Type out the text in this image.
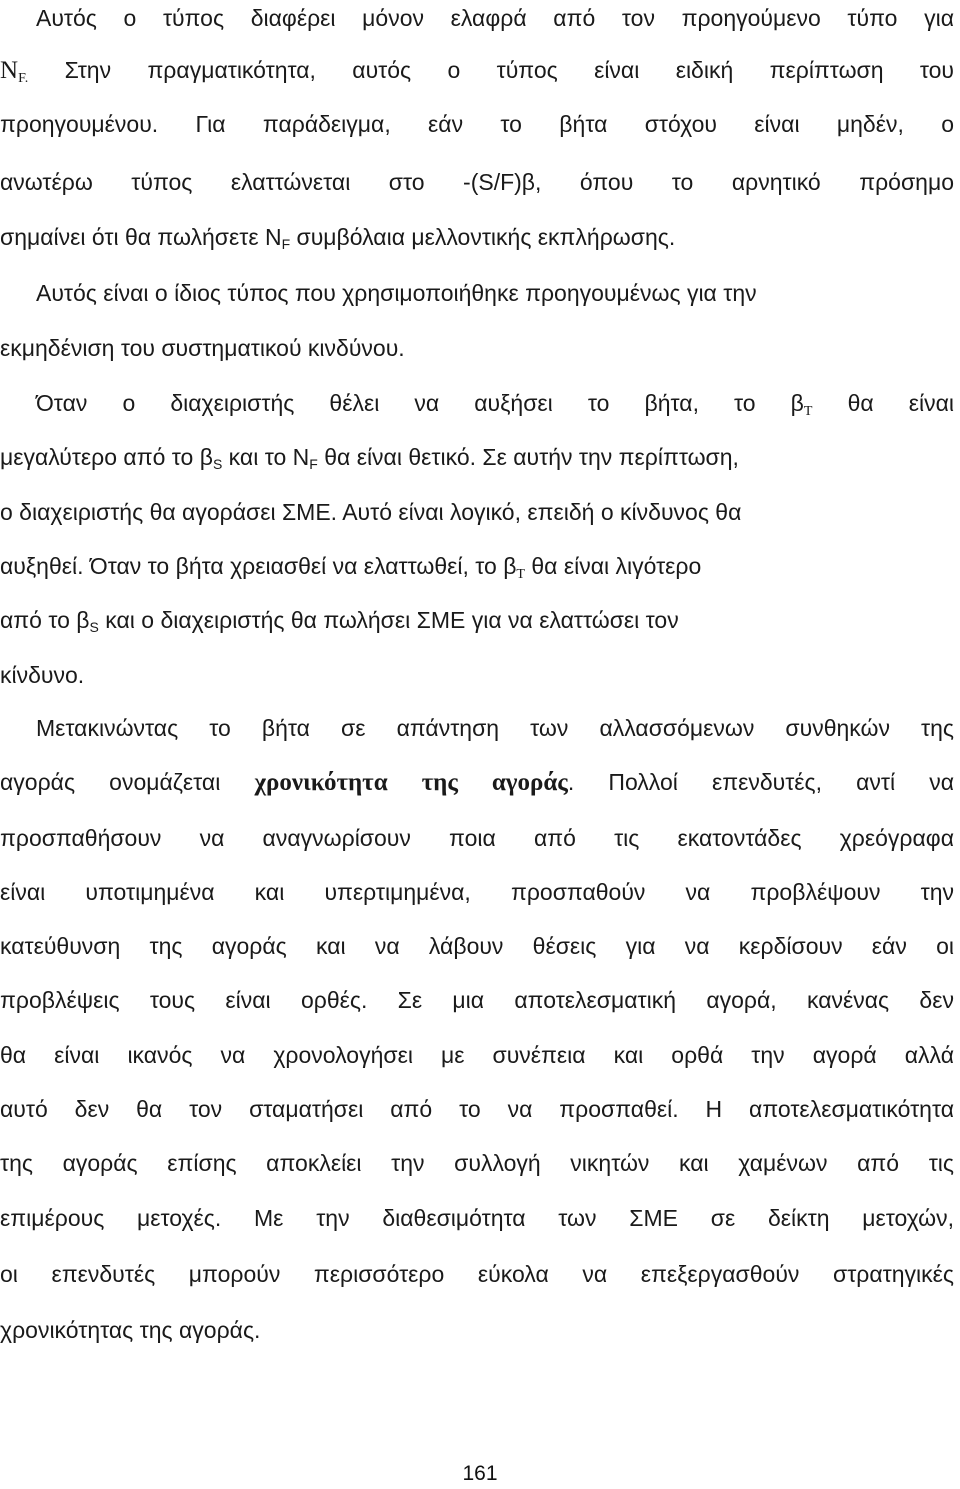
Αυτός ο τύπος διαφέρει μόνον ελαφρά από τον προηγούμενο τύπο για
$N_{F.}$ Στην πραγματικότητα, αυτός ο τύπος είναι ειδική περίπτωση του
προηγουμένου. Για παράδειγμα, εάν το βήτα στόχου είναι μηδέν, ο
ανωτέρω τύπος ελαττώνεται στο -(S/F)β, όπου το αρνητικό πρόσημο
σημαίνει ότι θα πωλήσετε $N_F$ συμβόλαια μελλοντικής εκπλήρωσης.
Αυτός είναι ο ίδιος τύπος που χρησιμοποιήθηκε προηγουμένως για την
εκμηδένιση του συστηματικού κινδύνου.
Όταν ο διαχειριστής θέλει να αυξήσει το βήτα, το $\beta_T$ θα είναι
μεγαλύτερο από το $\beta_S$ και το $N_F$ θα είναι θετικό. Σε αυτήν την περίπτωση,
ο διαχειριστής θα αγοράσει ΣΜΕ. Αυτό είναι λογικό, επειδή ο κίνδυνος θα
αυξηθεί. Όταν το βήτα χρειασθεί να ελαττωθεί, το $\beta_T$ θα είναι λιγότερο
από το $\beta_S$ και ο διαχειριστής θα πωλήσει ΣΜΕ για να ελαττώσει τον
κίνδυνο.
Μετακινώντας το βήτα σε απάντηση των αλλασσόμενων συνθηκών της
αγοράς ονομάζεται χρονικότητα της αγοράς. Πολλοί επενδυτές, αντί να
προσπαθήσουν να αναγνωρίσουν ποια από τις εκατοντάδες χρεόγραφα
είναι υποτιμημένα και υπερτιμημένα, προσπαθούν να προβλέψουν την
κατεύθυνση της αγοράς και να λάβουν θέσεις για να κερδίσουν εάν οι
προβλέψεις τους είναι ορθές. Σε μια αποτελεσματική αγορά, κανένας δεν
θα είναι ικανός να χρονολογήσει με συνέπεια και ορθά την αγορά αλλά
αυτό δεν θα τον σταματήσει από το να προσπαθεί. Η αποτελεσματικότητα
της αγοράς επίσης αποκλείει την συλλογή νικητών και χαμένων από τις
επιμέρους μετοχές. Με την διαθεσιμότητα των ΣΜΕ σε δείκτη μετοχών,
οι επενδυτές μπορούν περισσότερο εύκολα να επεξεργασθούν στρατηγικές
χρονικότητας της αγοράς.
161
